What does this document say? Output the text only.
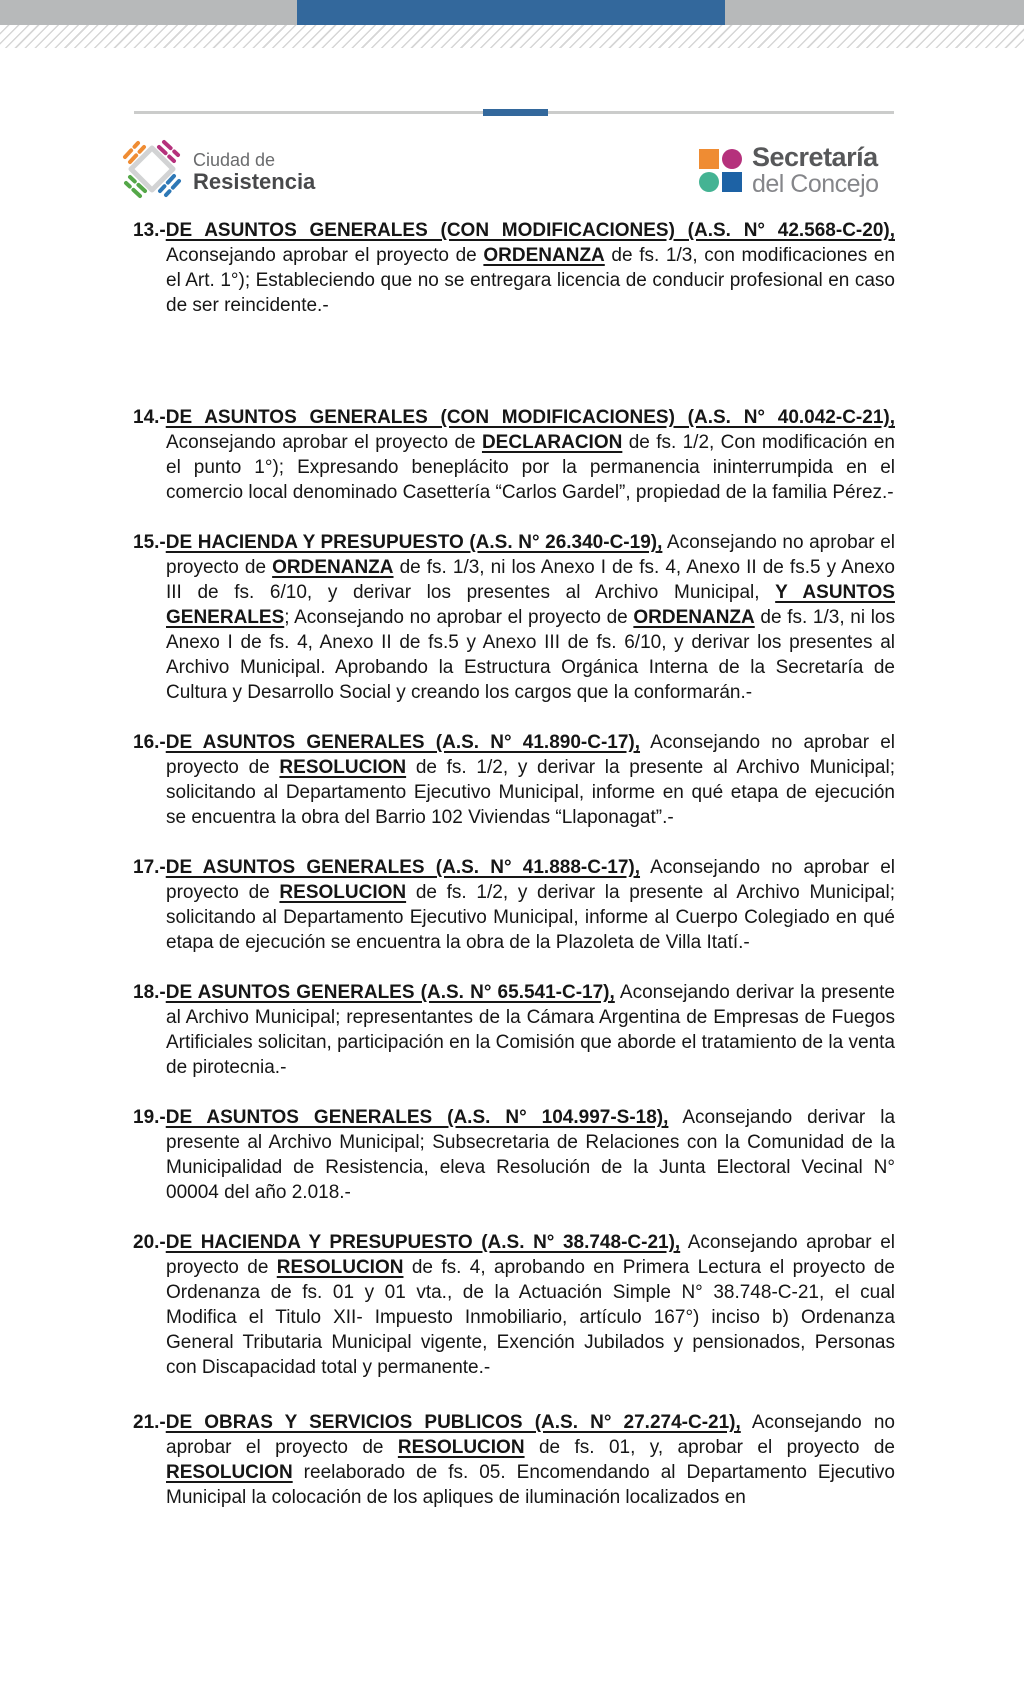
Ciudad de
Resistencia
Secretaría
del Concejo
13.-DE ASUNTOS GENERALES (CON MODIFICACIONES) (A.S. N° 42.568-C-20), Aconsejando aprobar el proyecto de ORDENANZA de fs. 1/3, con modificaciones en el Art. 1°); Estableciendo que no se entregara licencia de conducir profesional en caso de ser reincidente.-
14.-DE ASUNTOS GENERALES (CON MODIFICACIONES) (A.S. N° 40.042-C-21), Aconsejando aprobar el proyecto de DECLARACION de fs. 1/2, Con modificación en el punto 1°); Expresando beneplácito por la permanencia ininterrumpida en el comercio local denominado Casettería “Carlos Gardel”, propiedad de la familia Pérez.-
15.-DE HACIENDA Y PRESUPUESTO (A.S. N° 26.340-C-19), Aconsejando no aprobar el proyecto de ORDENANZA de fs. 1/3, ni los Anexo I de fs. 4, Anexo II de fs.5 y Anexo III de fs. 6/10, y derivar los presentes al Archivo Municipal, Y ASUNTOS GENERALES; Aconsejando no aprobar el proyecto de ORDENANZA de fs. 1/3, ni los Anexo I de fs. 4, Anexo II de fs.5 y Anexo III de fs. 6/10, y derivar los presentes al Archivo Municipal. Aprobando la Estructura Orgánica Interna de la Secretaría de Cultura y Desarrollo Social y creando los cargos que la conformarán.-
16.-DE ASUNTOS GENERALES (A.S. N° 41.890-C-17), Aconsejando no aprobar el proyecto de RESOLUCION de fs. 1/2, y derivar la presente al Archivo Municipal; solicitando al Departamento Ejecutivo Municipal, informe en qué etapa de ejecución se encuentra la obra del Barrio 102 Viviendas “Llaponagat”.-
17.-DE ASUNTOS GENERALES (A.S. N° 41.888-C-17), Aconsejando no aprobar el proyecto de RESOLUCION de fs. 1/2, y derivar la presente al Archivo Municipal; solicitando al Departamento Ejecutivo Municipal, informe al Cuerpo Colegiado en qué etapa de ejecución se encuentra la obra de la Plazoleta de Villa Itatí.-
18.-DE ASUNTOS GENERALES (A.S. N° 65.541-C-17), Aconsejando derivar la presente al Archivo Municipal; representantes de la Cámara Argentina de Empresas de Fuegos Artificiales solicitan, participación en la Comisión que aborde el tratamiento de la venta de pirotecnia.-
19.-DE ASUNTOS GENERALES (A.S. N° 104.997-S-18), Aconsejando derivar la presente al Archivo Municipal; Subsecretaria de Relaciones con la Comunidad de la Municipalidad de Resistencia, eleva Resolución de la Junta Electoral Vecinal N° 00004 del año 2.018.-
20.-DE HACIENDA Y PRESUPUESTO (A.S. N° 38.748-C-21), Aconsejando aprobar el proyecto de RESOLUCION de fs. 4, aprobando en Primera Lectura el proyecto de Ordenanza de fs. 01 y 01 vta., de la Actuación Simple N° 38.748-C-21, el cual Modifica el Titulo XII- Impuesto Inmobiliario, artículo 167°) inciso b) Ordenanza General Tributaria Municipal vigente, Exención Jubilados y pensionados, Personas con Discapacidad total y permanente.-
21.-DE OBRAS Y SERVICIOS PUBLICOS (A.S. N° 27.274-C-21), Aconsejando no aprobar el proyecto de RESOLUCION de fs. 01, y, aprobar el proyecto de RESOLUCION reelaborado de fs. 05. Encomendando al Departamento Ejecutivo Municipal la colocación de los apliques de iluminación localizados en
